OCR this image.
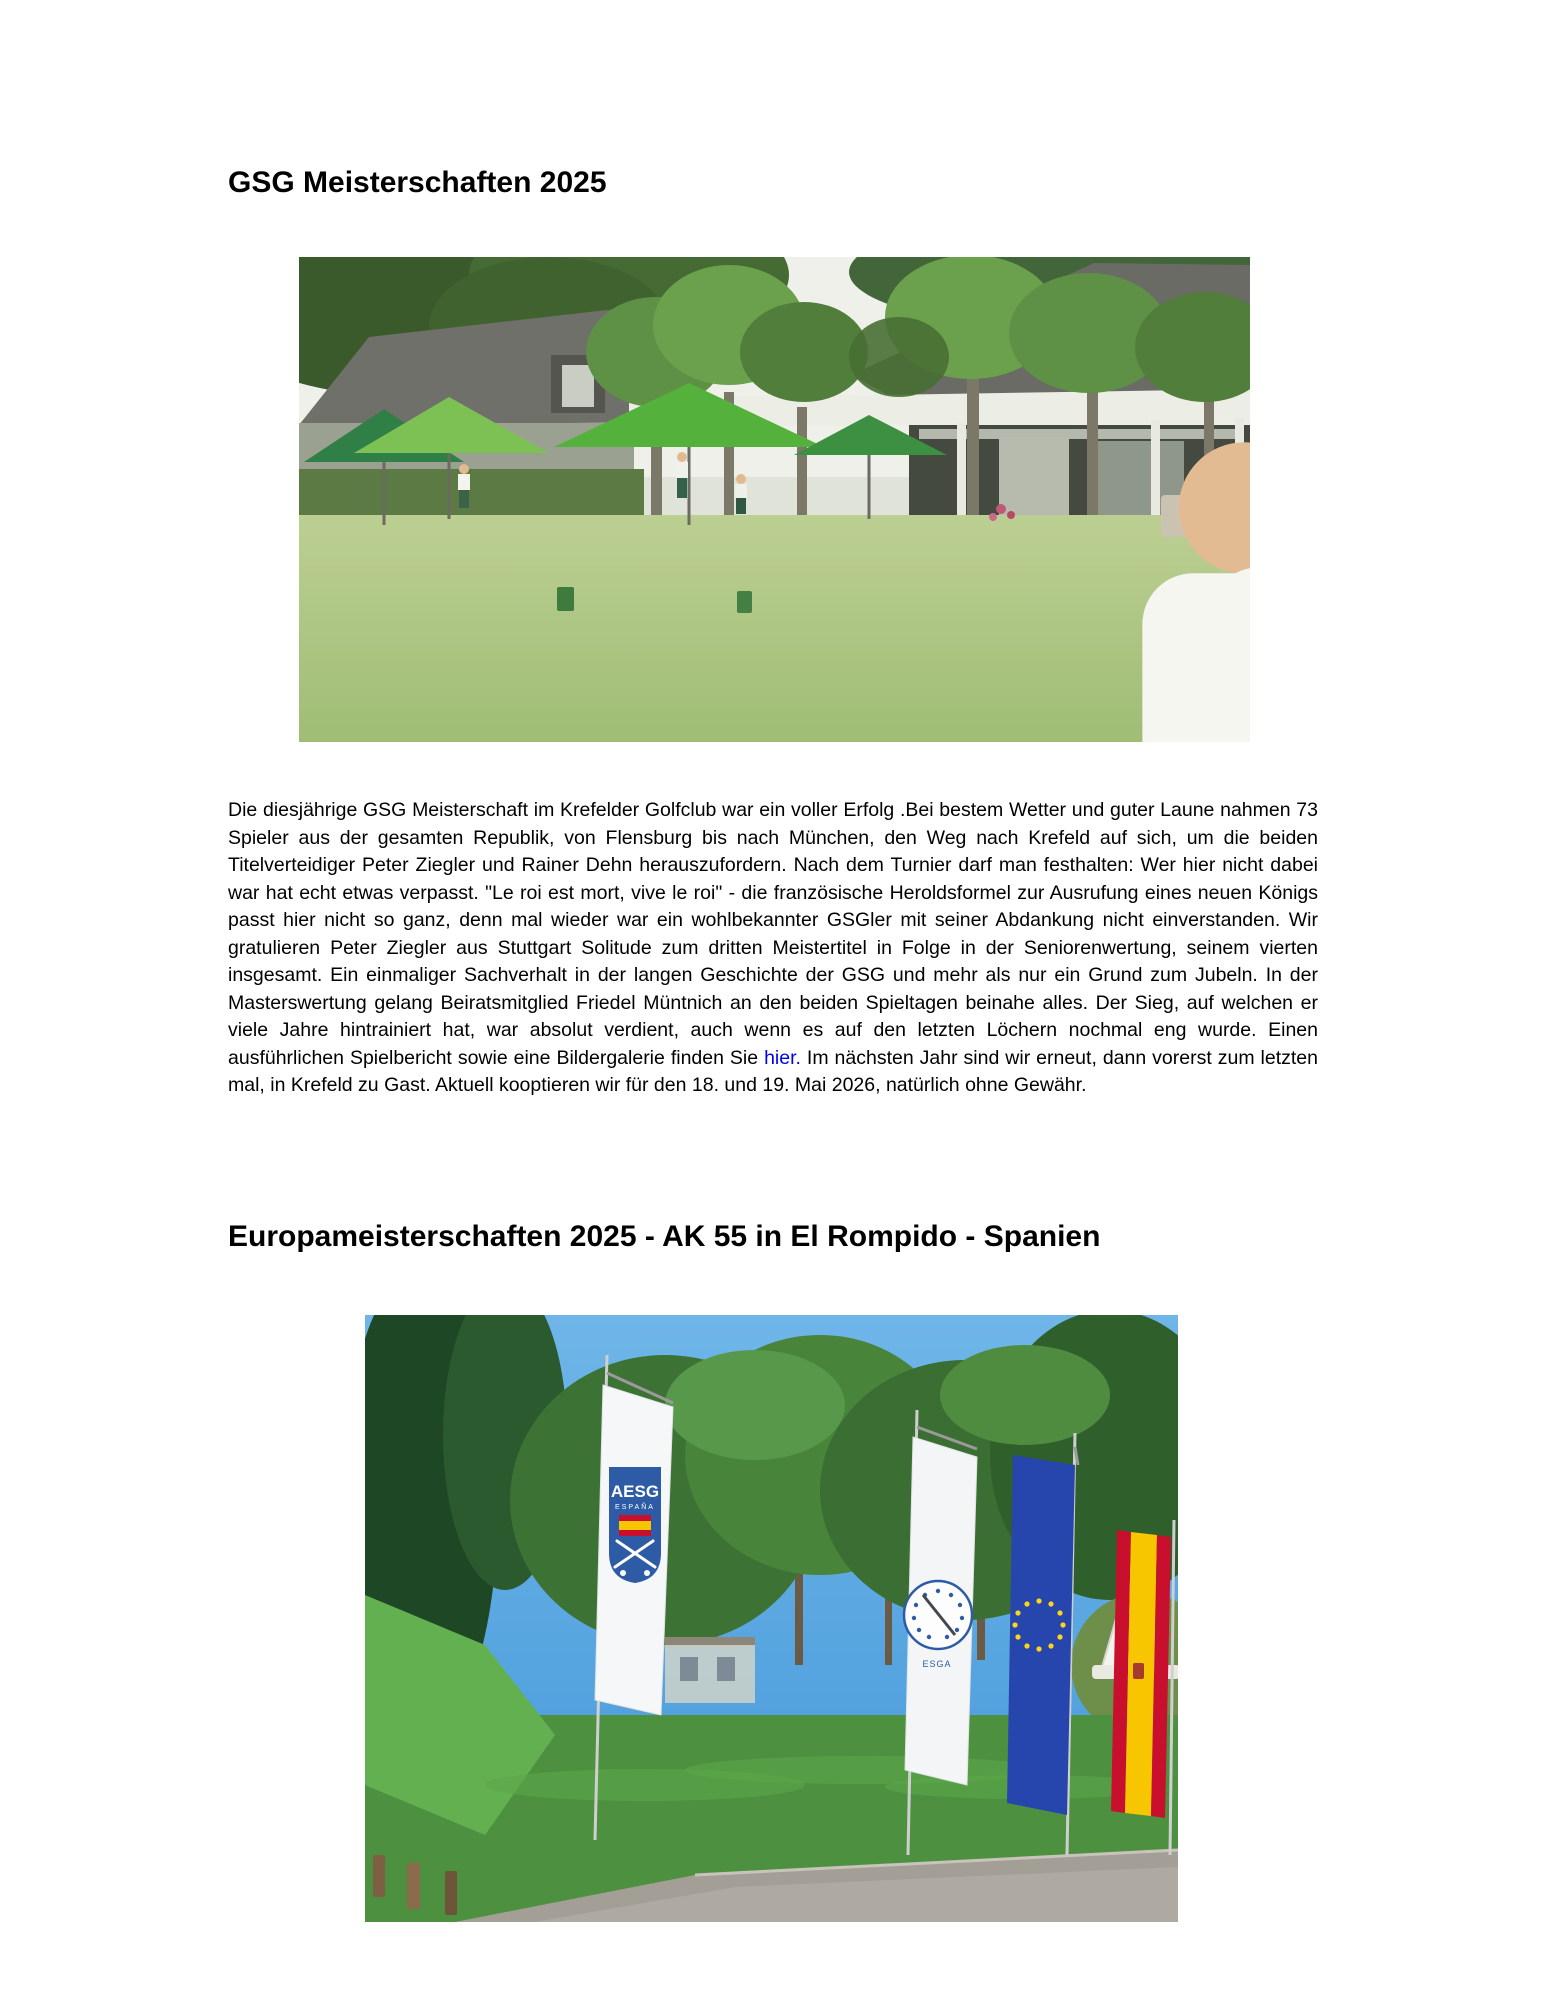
GSG Meisterschaften 2025

Die diesjährige GSG Meisterschaft im Krefelder Golfclub war ein voller Erfolg .Bei bestem Wetter und guter Laune nahmen 73 Spieler aus der gesamten Republik, von Flensburg bis nach München, den Weg nach Krefeld auf sich, um die beiden Titelverteidiger Peter Ziegler und Rainer Dehn herauszufordern. Nach dem Turnier darf man festhalten: Wer hier nicht dabei war hat echt etwas verpasst. "Le roi est mort, vive le roi" - die französische Heroldsformel zur Ausrufung eines neuen Königs passt hier nicht so ganz, denn mal wieder war ein wohlbekannter GSGler mit seiner Abdankung nicht einverstanden. Wir gratulieren Peter Ziegler aus Stuttgart Solitude zum dritten Meistertitel in Folge in der Seniorenwertung, seinem vierten insgesamt. Ein einmaliger Sachverhalt in der langen Geschichte der GSG und mehr als nur ein Grund zum Jubeln. In der Masterswertung gelang Beiratsmitglied Friedel Müntnich an den beiden Spieltagen beinahe alles. Der Sieg, auf welchen er viele Jahre hintrainiert hat, war absolut verdient, auch wenn es auf den letzten Löchern nochmal eng wurde. Einen ausführlichen Spielbericht sowie eine Bildergalerie finden Sie hier. Im nächsten Jahr sind wir erneut, dann vorerst zum letzten mal, in Krefeld zu Gast. Aktuell kooptieren wir für den 18. und 19. Mai 2026, natürlich ohne Gewähr.

Europameisterschaften 2025 - AK 55 in El Rompido - Spanien
AESG
ESPAÑA
ESGA
